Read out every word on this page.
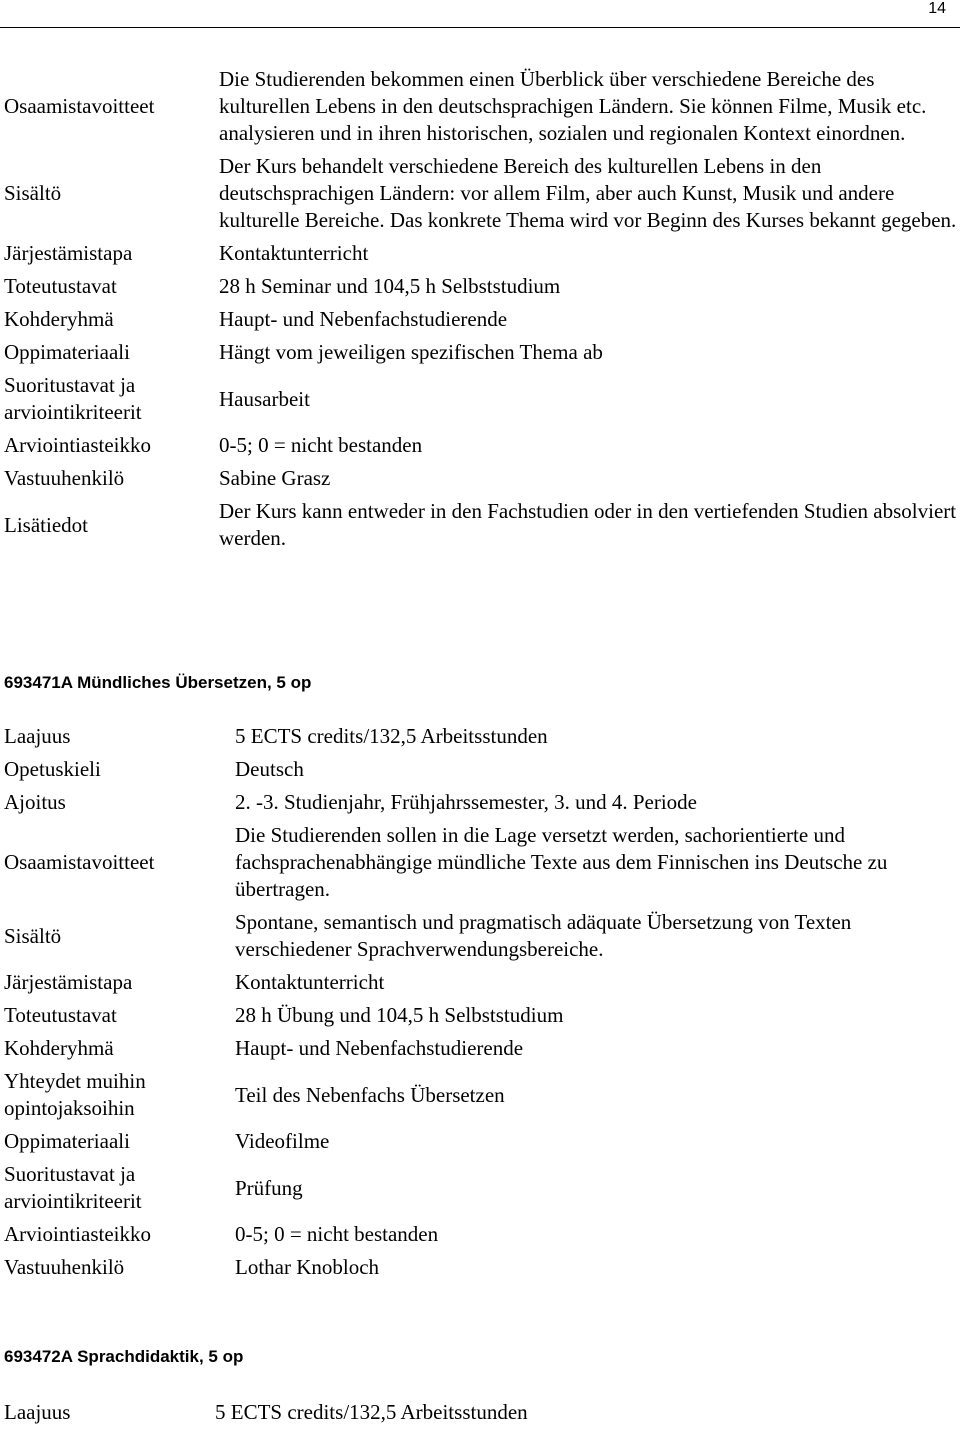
14
Osaamistavoitteet	Die Studierenden bekommen einen Überblick über verschiedene Bereiche des kulturellen Lebens in den deutschsprachigen Ländern. Sie können Filme, Musik etc. analysieren und in ihren historischen, sozialen und regionalen Kontext einordnen.
Sisältö	Der Kurs behandelt verschiedene Bereich des kulturellen Lebens in den deutschsprachigen Ländern: vor allem Film, aber auch Kunst, Musik und andere kulturelle Bereiche. Das konkrete Thema wird vor Beginn des Kurses bekannt gegeben.
Järjestämistapa	Kontaktunterricht
Toteutustavat	28 h Seminar und 104,5 h Selbststudium
Kohderyhmä	Haupt- und Nebenfachstudierende
Oppimateriaali	Hängt vom jeweiligen spezifischen Thema ab
Suoritustavat ja arviointikriteerit	Hausarbeit
Arviointiasteikko	0-5; 0 = nicht bestanden
Vastuuhenkilö	Sabine Grasz
Lisätiedot	Der Kurs kann entweder in den Fachstudien oder in den vertiefenden Studien absolviert werden.
693471A Mündliches Übersetzen, 5 op
Laajuus	5 ECTS credits/132,5 Arbeitsstunden
Opetuskieli	Deutsch
Ajoitus	2. -3. Studienjahr, Frühjahrssemester, 3. und 4. Periode
Osaamistavoitteet	Die Studierenden sollen in die Lage versetzt werden, sachorientierte und fachsprachenabhängige mündliche Texte aus dem Finnischen ins Deutsche zu übertragen.
Sisältö	Spontane, semantisch und pragmatisch adäquate Übersetzung von Texten verschiedener Sprachverwendungsbereiche.
Järjestämistapa	Kontaktunterricht
Toteutustavat	28 h Übung und 104,5 h Selbststudium
Kohderyhmä	Haupt- und Nebenfachstudierende
Yhteydet muihin opintojaksoihin	Teil des Nebenfachs Übersetzen
Oppimateriaali	Videofilme
Suoritustavat ja arviointikriteerit	Prüfung
Arviointiasteikko	0-5; 0 = nicht bestanden
Vastuuhenkilö	Lothar Knobloch
693472A Sprachdidaktik, 5 op
Laajuus	5 ECTS credits/132,5 Arbeitsstunden
